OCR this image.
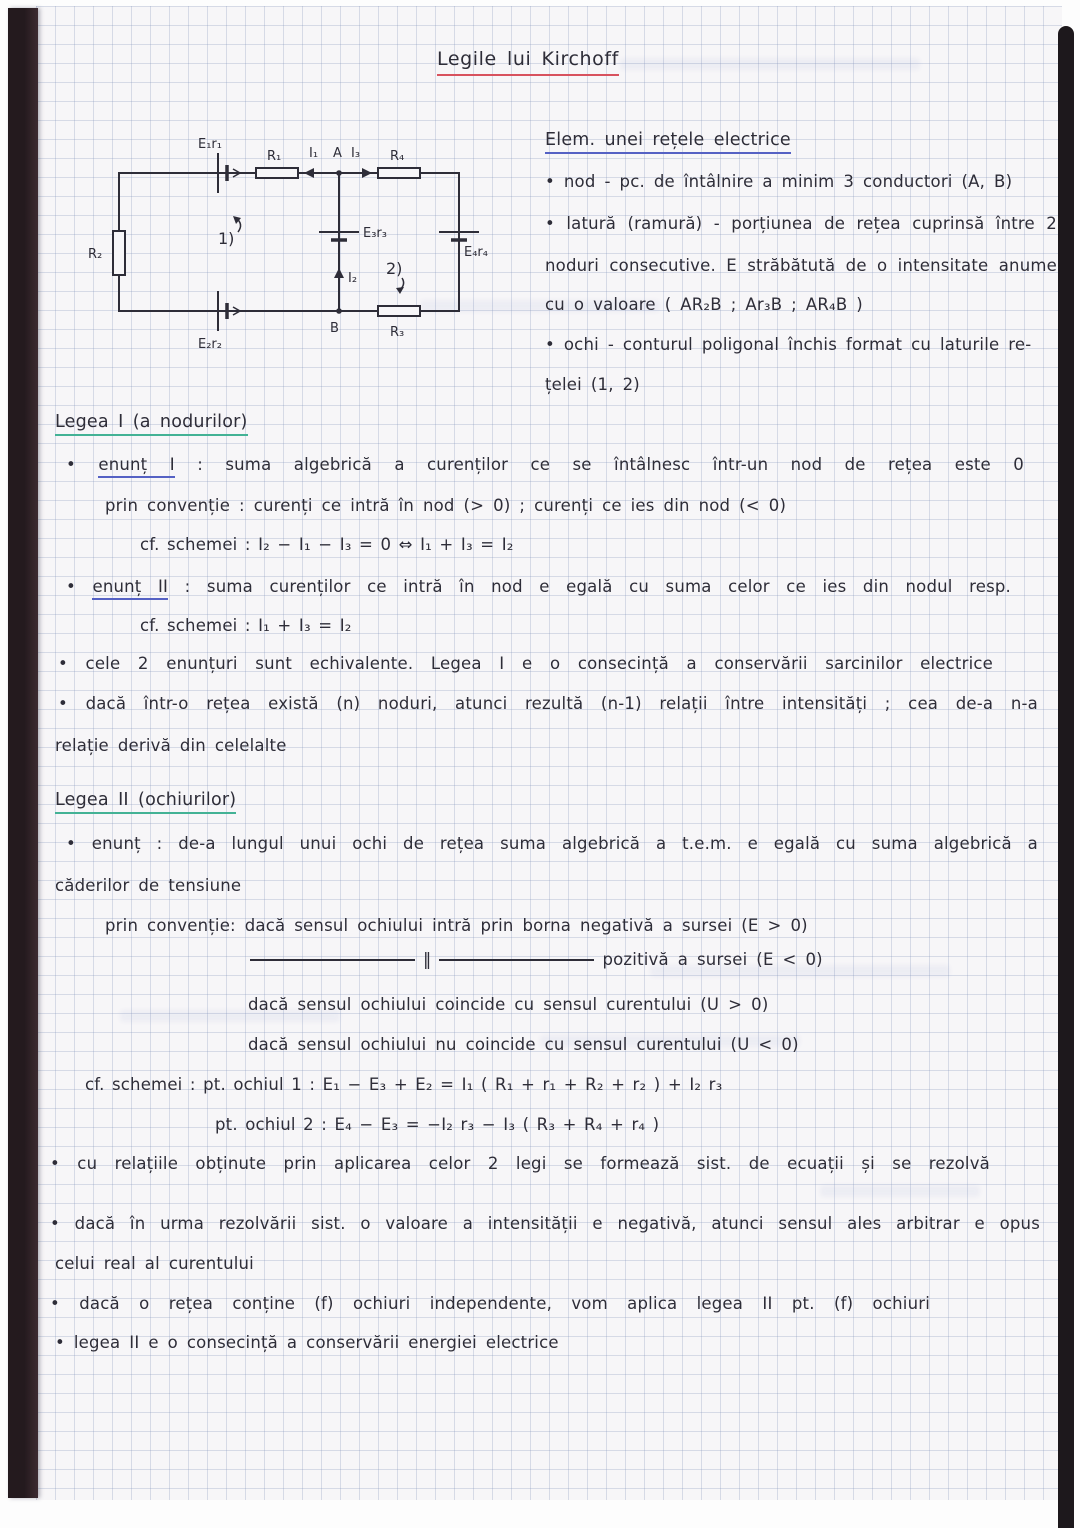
Legile lui Kirchoff
E₁r₁
R₁ I₁ A I₃ R₄
E₃r₃
E₄r₄
1)
2)
I₂
R₂
E₂r₂
B	R₃
Elem. unei rețele electrice
• nod - pc. de întâlnire a minim 3 conductori (A, B)
• latură (ramură) - porțiunea de rețea cuprinsă între 2
noduri consecutive. E străbătută de o intensitate anume
cu o valoare ( AR₂B ; Ar₃B ; AR₄B )
• ochi - conturul poligonal închis format cu laturile re-
țelei (1, 2)
Legea I (a nodurilor)
• enunț I : suma algebrică a curenților ce se întâlnesc într-un nod de rețea este 0
prin convenție : curenți ce intră în nod (> 0) ; curenți ce ies din nod (< 0)
cf. schemei : I₂ − I₁ − I₃ = 0 ⇔ I₁ + I₃ = I₂
• enunț II : suma curenților ce intră în nod e egală cu suma celor ce ies din nodul resp.
cf. schemei : I₁ + I₃ = I₂
• cele 2 enunțuri sunt echivalente. Legea I e o consecință a conservării sarcinilor electrice
• dacă într-o rețea există (n) noduri, atunci rezultă (n-1) relații între intensități ; cea de-a n-a
relație derivă din celelalte
Legea II (ochiurilor)
• enunț : de-a lungul unui ochi de rețea suma algebrică a t.e.m. e egală cu suma algebrică a
căderilor de tensiune
prin convenție: dacă sensul ochiului intră prin borna negativă a sursei (E > 0)
‖	pozitivă a sursei (E < 0)
dacă sensul ochiului coincide cu sensul curentului (U > 0)
dacă sensul ochiului nu coincide cu sensul curentului (U < 0)
cf. schemei : pt. ochiul 1 : E₁ − E₃ + E₂ = I₁ ( R₁ + r₁ + R₂ + r₂ ) + I₂ r₃
pt. ochiul 2 : E₄ − E₃ = −I₂ r₃ − I₃ ( R₃ + R₄ + r₄ )
• cu relațiile obținute prin aplicarea celor 2 legi se formează sist. de ecuații și se rezolvă
• dacă în urma rezolvării sist. o valoare a intensității e negativă, atunci sensul ales arbitrar e opus
celui real al curentului
• dacă o rețea conține (f) ochiuri independente, vom aplica legea II pt. (f) ochiuri
• legea II e o consecință a conservării energiei electrice
